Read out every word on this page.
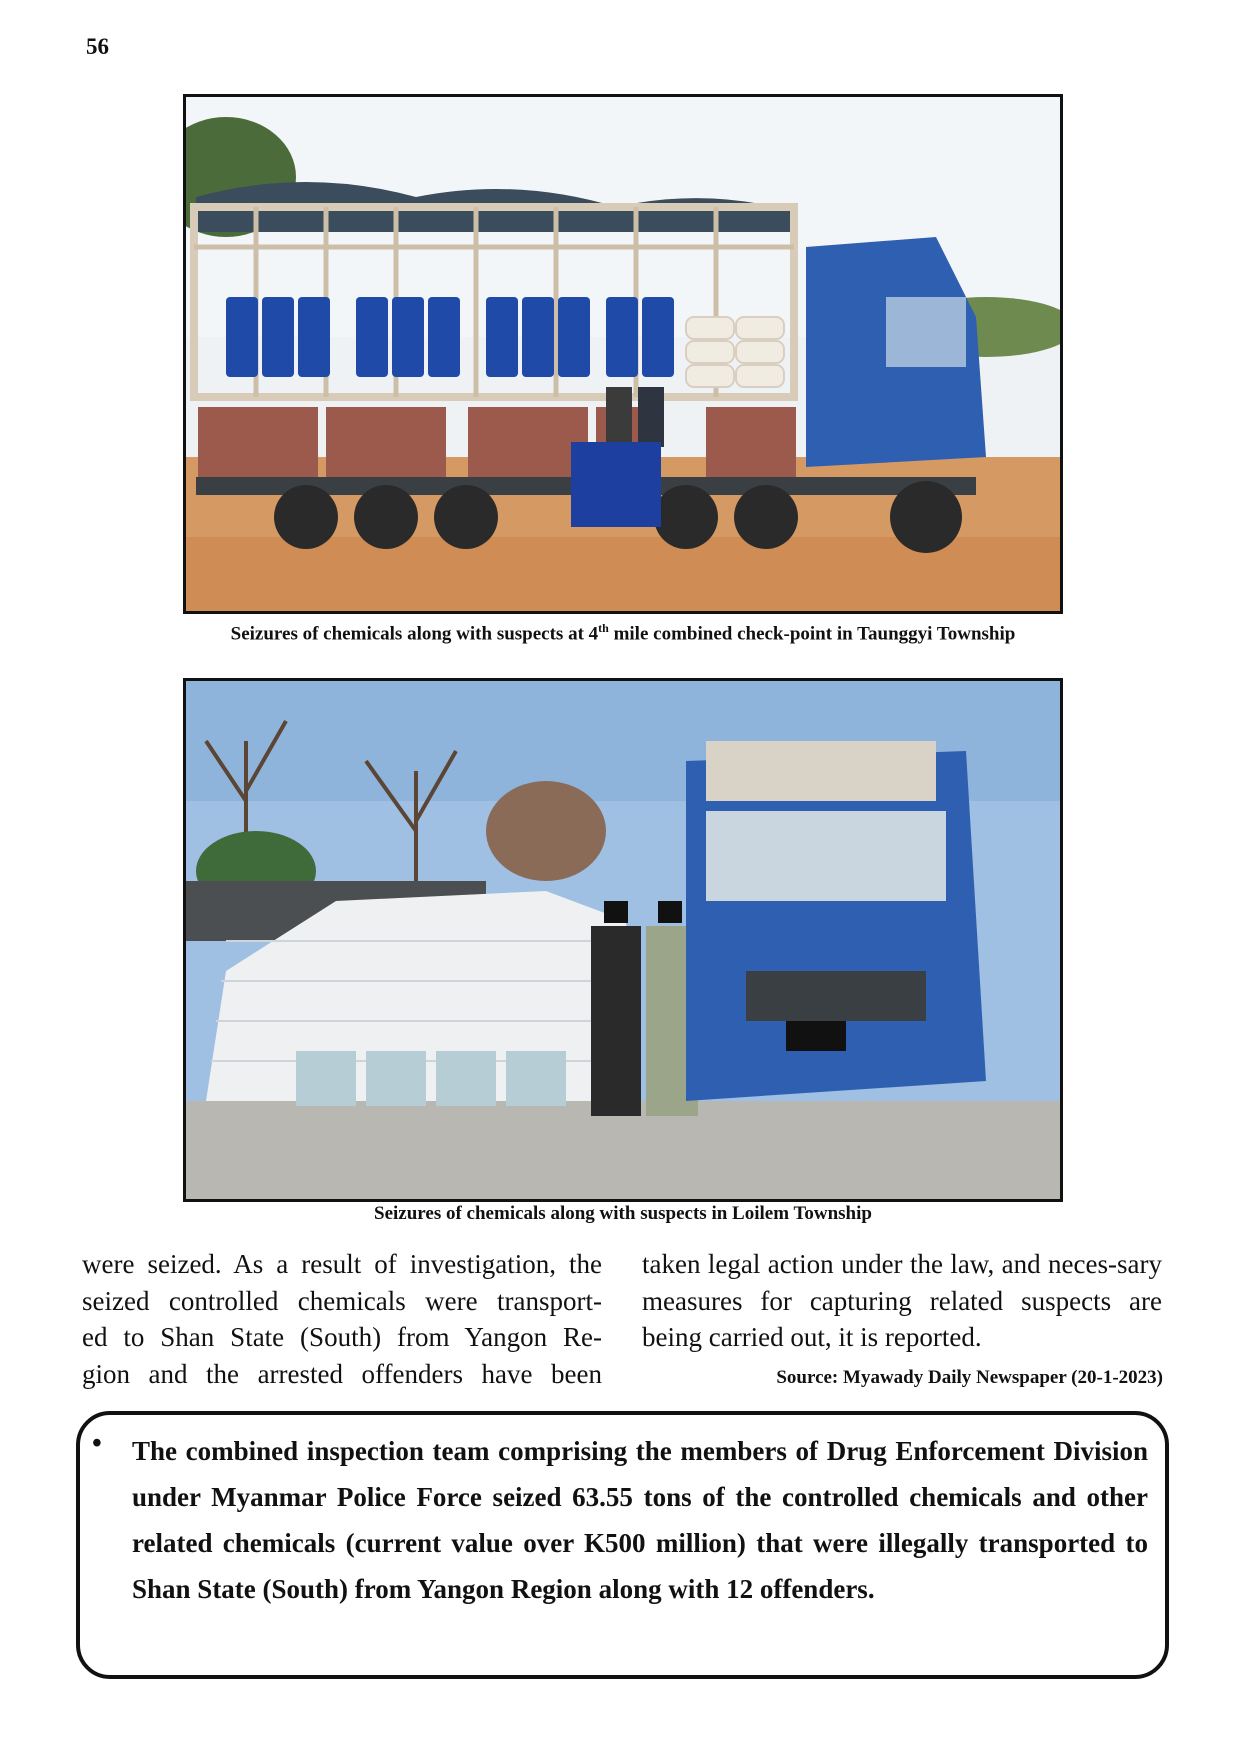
56
Seizures of chemicals along with suspects at 4th mile combined check-point in Taunggyi Township
Seizures of chemicals along with suspects in Loilem Township
were seized. As a result of investigation, the
seized controlled chemicals were transport-
ed to Shan State (South) from Yangon Re-
gion and the arrested offenders have been
taken legal action under the law, and neces-sary measures for capturing related suspects are being carried out, it is reported.
Source: Myawady Daily Newspaper (20-1-2023)
• The combined inspection team comprising the members of Drug Enforcement Division under Myanmar Police Force seized 63.55 tons of the controlled chemicals and other related chemicals (current value over K500 million) that were illegally transported to Shan State (South) from Yangon Region along with 12 offenders.
